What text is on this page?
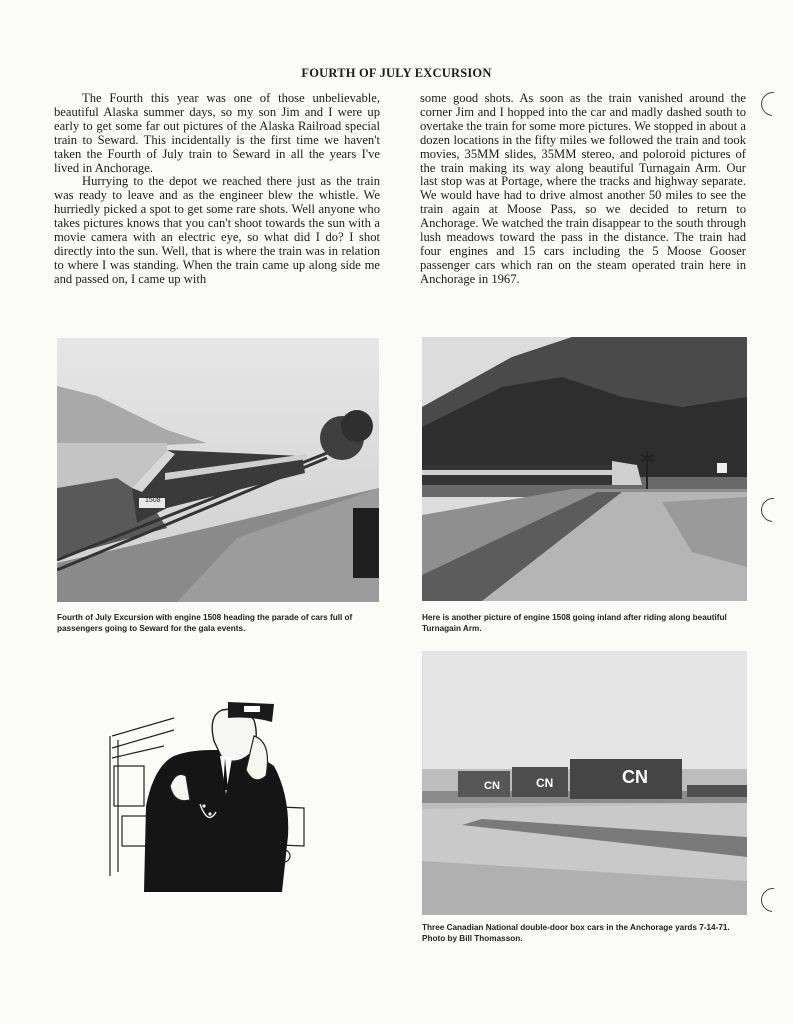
FOURTH OF JULY EXCURSION

The Fourth this year was one of those unbelievable, beautiful Alaska summer days, so my son Jim and I were up early to get some far out pictures of the Alaska Railroad special train to Seward. This incidentally is the first time we haven't taken the Fourth of July train to Seward in all the years I've lived in Anchorage.

Hurrying to the depot we reached there just as the train was ready to leave and as the engineer blew the whistle. We hurriedly picked a spot to get some rare shots. Well anyone who takes pictures knows that you can't shoot towards the sun with a movie camera with an electric eye, so what did I do? I shot directly into the sun. Well, that is where the train was in relation to where I was standing. When the train came up along side me and passed on, I came up with

some good shots. As soon as the train vanished around the corner Jim and I hopped into the car and madly dashed south to overtake the train for some more pictures. We stopped in about a dozen locations in the fifty miles we followed the train and took movies, 35MM slides, 35MM stereo, and poloroid pictures of the train making its way along beautiful Turnagain Arm. Our last stop was at Portage, where the tracks and highway separate. We would have had to drive almost another 50 miles to see the train again at Moose Pass, so we decided to return to Anchorage. We watched the train disappear to the south through lush meadows toward the pass in the distance. The train had four engines and 15 cars including the 5 Moose Gooser passenger cars which ran on the steam operated train here in Anchorage in 1967.

1508
Fourth of July Excursion with engine 1508 heading the parade of cars full of passengers going to Seward for the gala events.
Here is another picture of engine 1508 going inland after riding along beautiful Turnagain Arm.
CN	CN	CN
Three Canadian National double-door box cars in the Anchorage yards 7-14-71. Photo by Bill Thomasson.
